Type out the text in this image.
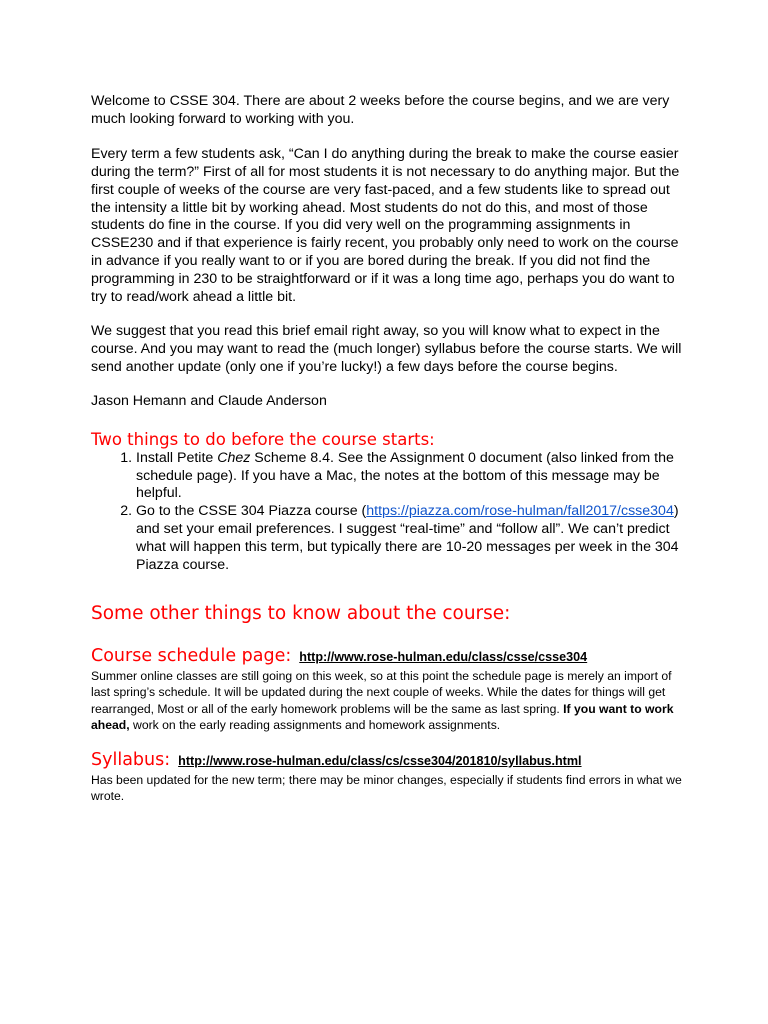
Welcome to CSSE 304. There are about 2 weeks before the course begins, and we are very much looking forward to working with you.

Every term a few students ask, “Can I do anything during the break to make the course easier during the term?” First of all for most students it is not necessary to do anything major. But the first couple of weeks of the course are very fast-paced, and a few students like to spread out the intensity a little bit by working ahead. Most students do not do this, and most of those students do fine in the course. If you did very well on the programming assignments in CSSE230 and if that experience is fairly recent, you probably only need to work on the course in advance if you really want to or if you are bored during the break. If you did not find the programming in 230 to be straightforward or if it was a long time ago, perhaps you do want to try to read/work ahead a little bit.

We suggest that you read this brief email right away, so you will know what to expect in the course. And you may want to read the (much longer) syllabus before the course starts. We will send another update (only one if you’re lucky!) a few days before the course begins.

Jason Hemann and Claude Anderson

Two things to do before the course starts:
1. Install Petite Chez Scheme 8.4. See the Assignment 0 document (also linked from the schedule page). If you have a Mac, the notes at the bottom of this message may be helpful.
2. Go to the CSSE 304 Piazza course (https://piazza.com/rose-hulman/fall2017/csse304) and set your email preferences. I suggest “real-time” and “follow all”. We can’t predict what will happen this term, but typically there are 10-20 messages per week in the 304 Piazza course.
Some other things to know about the course:
Course schedule page: http://www.rose-hulman.edu/class/csse/csse304

Summer online classes are still going on this week, so at this point the schedule page is merely an import of last spring’s schedule. It will be updated during the next couple of weeks. While the dates for things will get rearranged, Most or all of the early homework problems will be the same as last spring. If you want to work ahead, work on the early reading assignments and homework assignments.

Syllabus: http://www.rose-hulman.edu/class/cs/csse304/201810/syllabus.html

Has been updated for the new term; there may be minor changes, especially if students find errors in what we wrote.
